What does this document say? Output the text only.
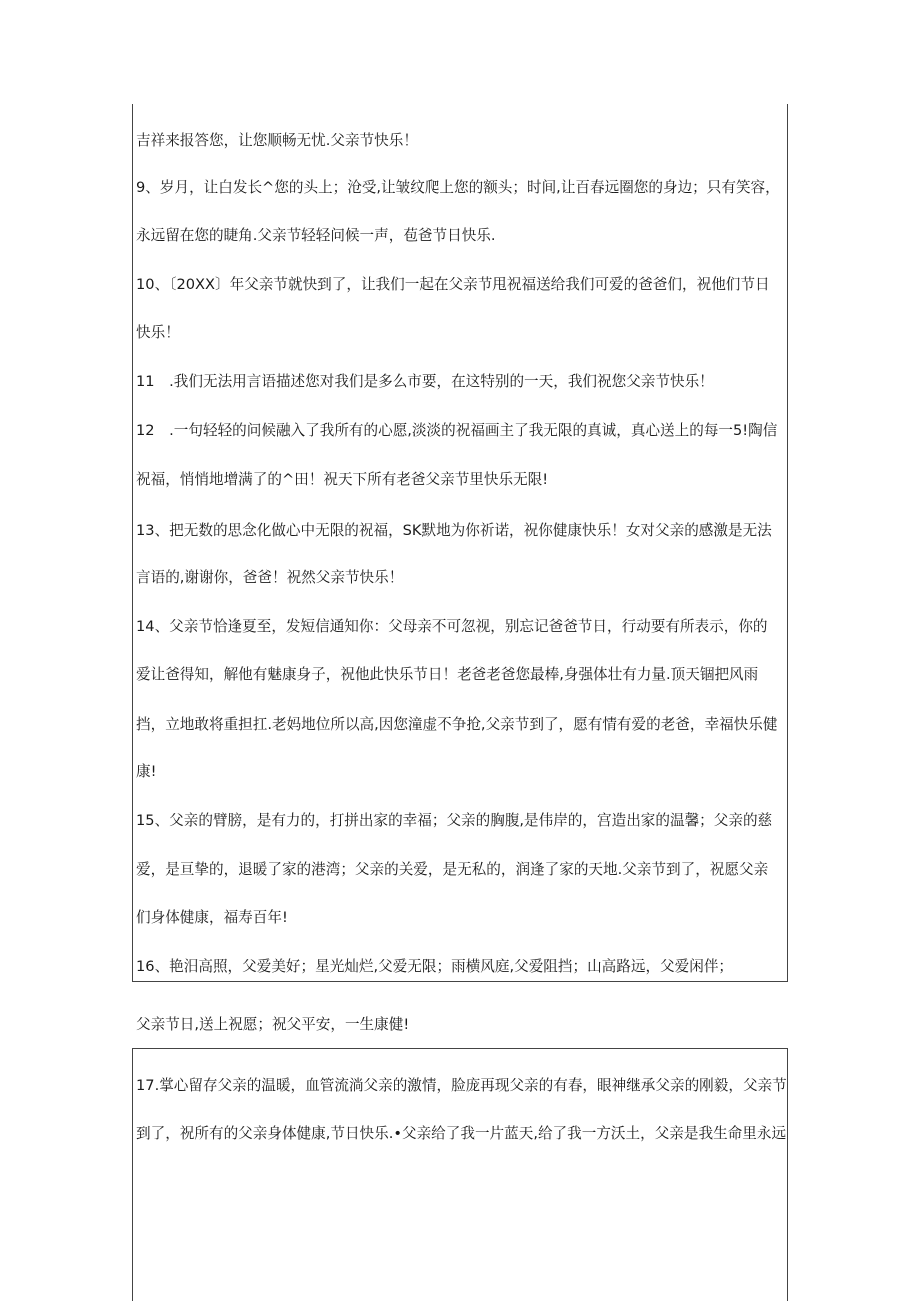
吉祥来报答您，让您顺畅无忧.父亲节快乐！
9、岁月，让白发长^您的头上；沧受,让皱纹爬上您的额头；时间,让百春远圈您的身边；只有笑容，
永远留在您的睫角.父亲节轻轻问候一声，苞爸节日快乐.
10、〔20XX〕年父亲节就快到了，让我们一起在父亲节甩祝福送给我们可爱的爸爸们，祝他们节日
快乐！
11　.我们无法用言语描述您对我们是多么市要，在这特别的一天，我们祝您父亲节快乐！
12　.一句轻轻的问候融入了我所有的心愿,淡淡的祝福画主了我无限的真诚，真心送上的每一5!陶信
祝福，悄悄地增满了的^田！祝天下所有老爸父亲节里快乐无限!
13、把无数的思念化做心中无限的祝福，SK默地为你祈诺，祝你健康快乐！女对父亲的感激是无法
言语的,谢谢你，爸爸！祝然父亲节快乐！
14、父亲节恰逢夏至，发短信通知你：父母亲不可忽视，别忘记爸爸节日，行动要有所表示，你的
爱让爸得知，解他有魅康身子，祝他此快乐节日！老爸老爸您最棒,身强体壮有力量.顶天锢把风雨
挡，立地敢将重担扛.老妈地位所以高,因您潼虚不争抢,父亲节到了，愿有情有爱的老爸，幸福快乐健
康!
15、父亲的臂膀，是有力的，打拼出家的幸福；父亲的胸腹,是伟岸的，宫造出家的温馨；父亲的慈
爱，是亘挚的，退暖了家的港湾；父亲的关爱，是无私的，润逢了家的天地.父亲节到了，祝愿父亲
们身体健康，福寿百年!
16、艳汨高照，父爱美好；星光灿烂,父爱无限；雨横风庭,父爱阻挡；山高路远，父爱闲伴；
父亲节日,送上祝愿；祝父平安，一生康健!
17.掌心留存父亲的温暖，血管流淌父亲的激情，脸庞再现父亲的有春，眼神继承父亲的刚毅，父亲节
到了，祝所有的父亲身体健康,节日快乐.•父亲给了我一片蓝天,给了我一方沃土，父亲是我生命里永远
